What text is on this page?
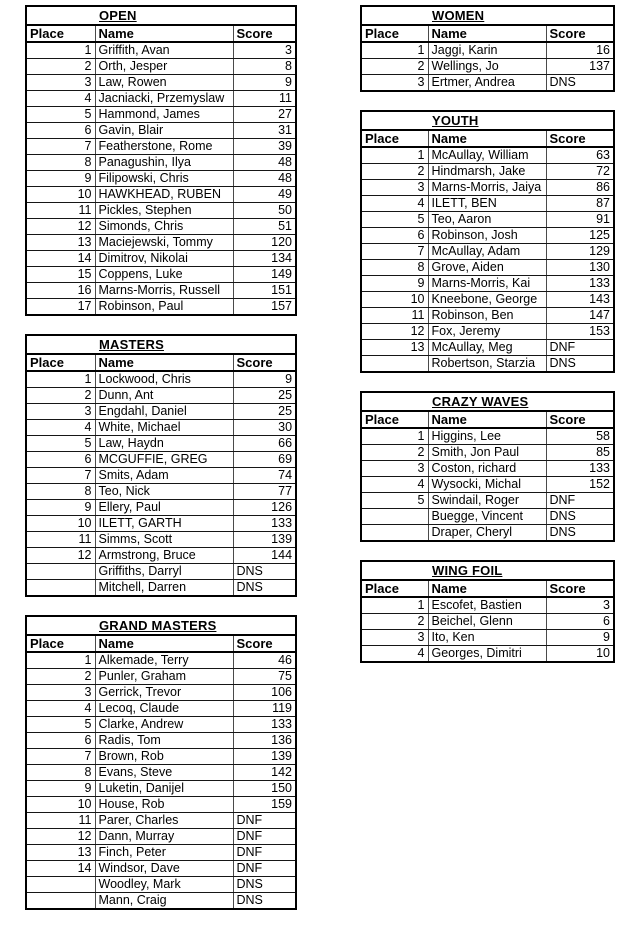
OPEN		
Place	Name	Score
1	Griffith, Avan	3
2	Orth, Jesper	8
3	Law, Rowen	9
4	Jacniacki, Przemyslaw	11
5	Hammond, James	27
6	Gavin, Blair	31
7	Featherstone, Rome	39
8	Panagushin, Ilya	48
9	Filipowski, Chris	48
10	HAWKHEAD, RUBEN	49
11	Pickles, Stephen	50
12	Simonds, Chris	51
13	Maciejewski, Tommy	120
14	Dimitrov, Nikolai	134
15	Coppens, Luke	149
16	Marns-Morris, Russell	151
17	Robinson, Paul	157
MASTERS		
Place	Name	Score
1	Lockwood, Chris	9
2	Dunn, Ant	25
3	Engdahl, Daniel	25
4	White, Michael	30
5	Law, Haydn	66
6	MCGUFFIE, GREG	69
7	Smits, Adam	74
8	Teo, Nick	77
9	Ellery, Paul	126
10	ILETT, GARTH	133
11	Simms, Scott	139
12	Armstrong, Bruce	144
	Griffiths, Darryl	DNS
	Mitchell, Darren	DNS
GRAND MASTERS		
Place	Name	Score
1	Alkemade, Terry	46
2	Punler, Graham	75
3	Gerrick, Trevor	106
4	Lecoq, Claude	119
5	Clarke, Andrew	133
6	Radis, Tom	136
7	Brown, Rob	139
8	Evans, Steve	142
9	Luketin, Danijel	150
10	House, Rob	159
11	Parer, Charles	DNF
12	Dann, Murray	DNF
13	Finch, Peter	DNF
14	Windsor, Dave	DNF
	Woodley, Mark	DNS
	Mann, Craig	DNS
WOMEN		
Place	Name	Score
1	Jaggi, Karin	16
2	Wellings, Jo	137
3	Ertmer, Andrea	DNS
YOUTH		
Place	Name	Score
1	McAullay, William	63
2	Hindmarsh, Jake	72
3	Marns-Morris, Jaiya	86
4	ILETT, BEN	87
5	Teo, Aaron	91
6	Robinson, Josh	125
7	McAullay, Adam	129
8	Grove, Aiden	130
9	Marns-Morris, Kai	133
10	Kneebone, George	143
11	Robinson, Ben	147
12	Fox, Jeremy	153
13	McAullay, Meg	DNF
	Robertson, Starzia	DNS
CRAZY WAVES		
Place	Name	Score
1	Higgins, Lee	58
2	Smith, Jon Paul	85
3	Coston, richard	133
4	Wysocki, Michal	152
5	Swindail, Roger	DNF
	Buegge, Vincent	DNS
	Draper, Cheryl	DNS
WING FOIL		
Place	Name	Score
1	Escofet, Bastien	3
2	Beichel, Glenn	6
3	Ito, Ken	9
4	Georges, Dimitri	10
